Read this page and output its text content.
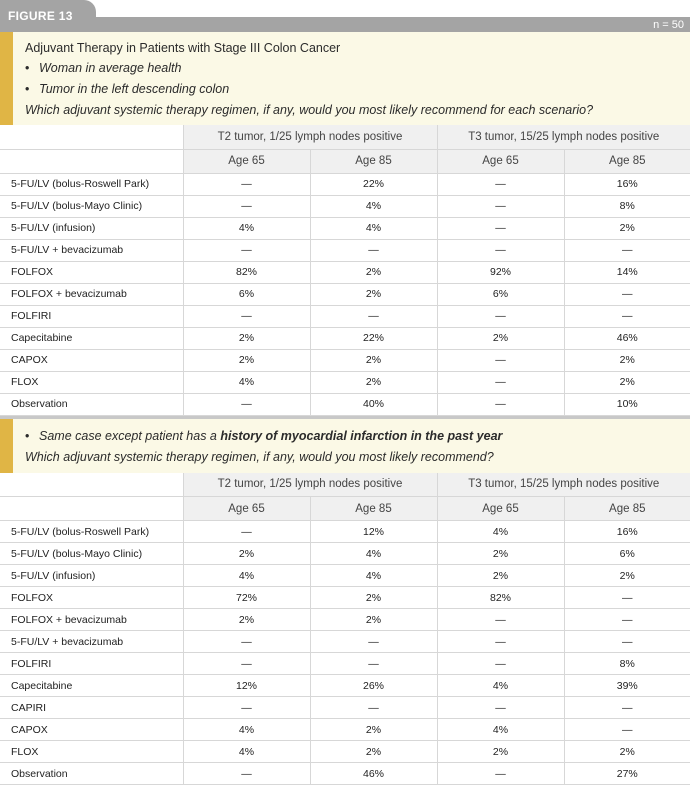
n = 50
FIGURE 13
Adjuvant Therapy in Patients with Stage III Colon Cancer
• Woman in average health
• Tumor in the left descending colon
Which adjuvant systemic therapy regimen, if any, would you most likely recommend for each scenario?
	T2 tumor, 1/25 lymph nodes positive		T3 tumor, 15/25 lymph nodes positive	
	Age 65	Age 85	Age 65	Age 85
5-FU/LV (bolus-Roswell Park)	—	22%	—	16%
5-FU/LV (bolus-Mayo Clinic)	—	4%	—	8%
5-FU/LV (infusion)	4%	4%	—	2%
5-FU/LV + bevacizumab	—	—	—	—
FOLFOX	82%	2%	92%	14%
FOLFOX + bevacizumab	6%	2%	6%	—
FOLFIRI	—	—	—	—
Capecitabine	2%	22%	2%	46%
CAPOX	2%	2%	—	2%
FLOX	4%	2%	—	2%
Observation	—	40%	—	10%
• Same case except patient has a history of myocardial infarction in the past year
Which adjuvant systemic therapy regimen, if any, would you most likely recommend?
	T2 tumor, 1/25 lymph nodes positive		T3 tumor, 15/25 lymph nodes positive	
	Age 65	Age 85	Age 65	Age 85
5-FU/LV (bolus-Roswell Park)	—	12%	4%	16%
5-FU/LV (bolus-Mayo Clinic)	2%	4%	2%	6%
5-FU/LV (infusion)	4%	4%	2%	2%
FOLFOX	72%	2%	82%	—
FOLFOX + bevacizumab	2%	2%	—	—
5-FU/LV + bevacizumab	—	—	—	—
FOLFIRI	—	—	—	8%
Capecitabine	12%	26%	4%	39%
CAPIRI	—	—	—	—
CAPOX	4%	2%	4%	—
FLOX	4%	2%	2%	2%
Observation	—	46%	—	27%
